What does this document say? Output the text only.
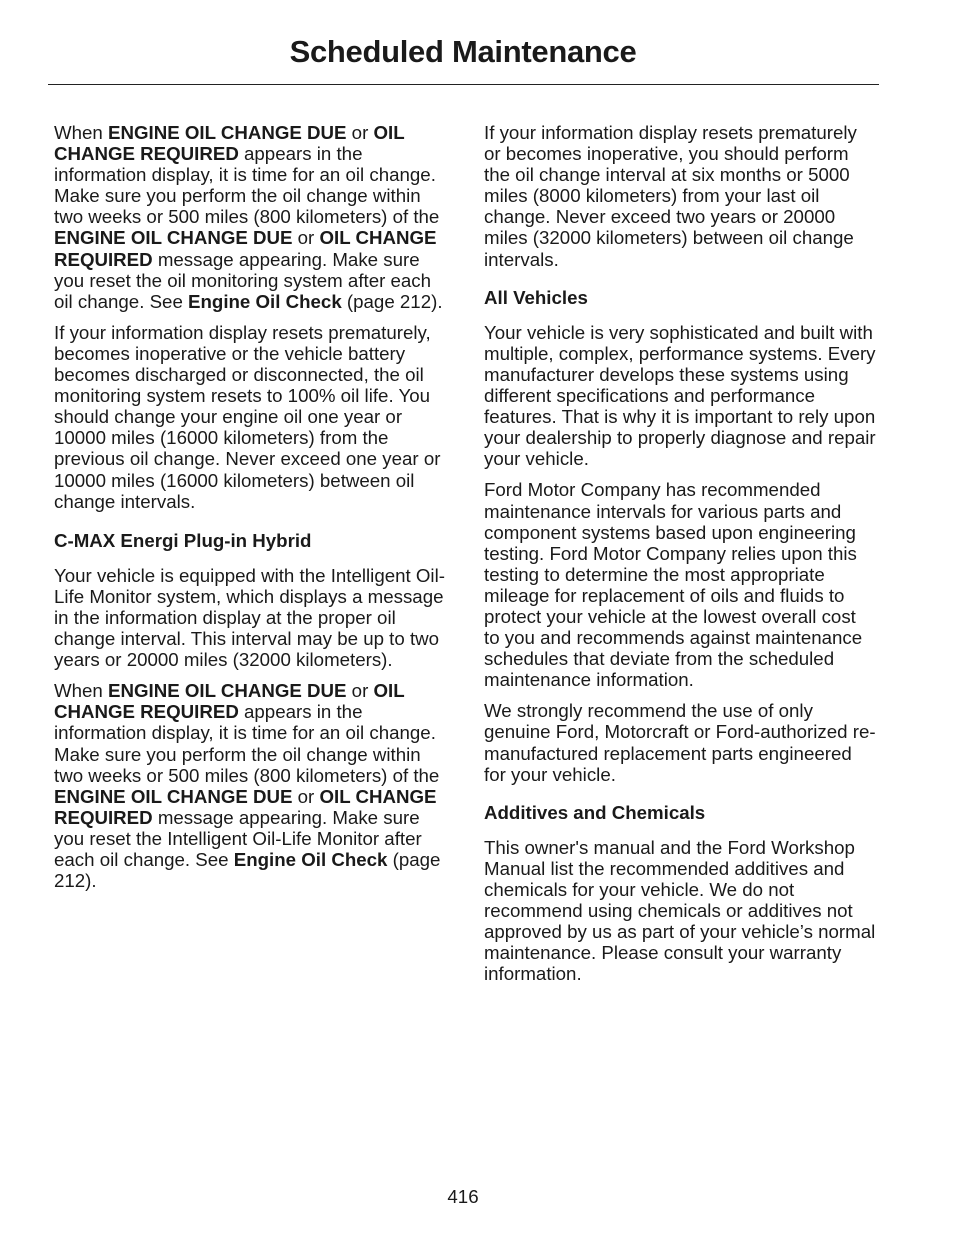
Scheduled Maintenance

When ENGINE OIL CHANGE DUE or OIL CHANGE REQUIRED appears in the information display, it is time for an oil change. Make sure you perform the oil change within two weeks or 500 miles (800 kilometers) of the ENGINE OIL CHANGE DUE or OIL CHANGE REQUIRED message appearing. Make sure you reset the oil monitoring system after each oil change. See Engine Oil Check (page 212).

If your information display resets prematurely, becomes inoperative or the vehicle battery becomes discharged or disconnected, the oil monitoring system resets to 100% oil life. You should change your engine oil one year or 10000 miles (16000 kilometers) from the previous oil change. Never exceed one year or 10000 miles (16000 kilometers) between oil change intervals.

C-MAX Energi Plug-in Hybrid

Your vehicle is equipped with the Intelligent Oil-Life Monitor system, which displays a message in the information display at the proper oil change interval. This interval may be up to two years or 20000 miles (32000 kilometers).

When ENGINE OIL CHANGE DUE or OIL CHANGE REQUIRED appears in the information display, it is time for an oil change. Make sure you perform the oil change within two weeks or 500 miles (800 kilometers) of the ENGINE OIL CHANGE DUE or OIL CHANGE REQUIRED message appearing. Make sure you reset the Intelligent Oil-Life Monitor after each oil change. See Engine Oil Check (page 212).

If your information display resets prematurely or becomes inoperative, you should perform the oil change interval at six months or 5000 miles (8000 kilometers) from your last oil change. Never exceed two years or 20000 miles (32000 kilometers) between oil change intervals.

All Vehicles

Your vehicle is very sophisticated and built with multiple, complex, performance systems. Every manufacturer develops these systems using different specifications and performance features. That is why it is important to rely upon your dealership to properly diagnose and repair your vehicle.

Ford Motor Company has recommended maintenance intervals for various parts and component systems based upon engineering testing. Ford Motor Company relies upon this testing to determine the most appropriate mileage for replacement of oils and fluids to protect your vehicle at the lowest overall cost to you and recommends against maintenance schedules that deviate from the scheduled maintenance information.

We strongly recommend the use of only genuine Ford, Motorcraft or Ford-authorized re-manufactured replacement parts engineered for your vehicle.

Additives and Chemicals

This owner's manual and the Ford Workshop Manual list the recommended additives and chemicals for your vehicle. We do not recommend using chemicals or additives not approved by us as part of your vehicle’s normal maintenance. Please consult your warranty information.

416
